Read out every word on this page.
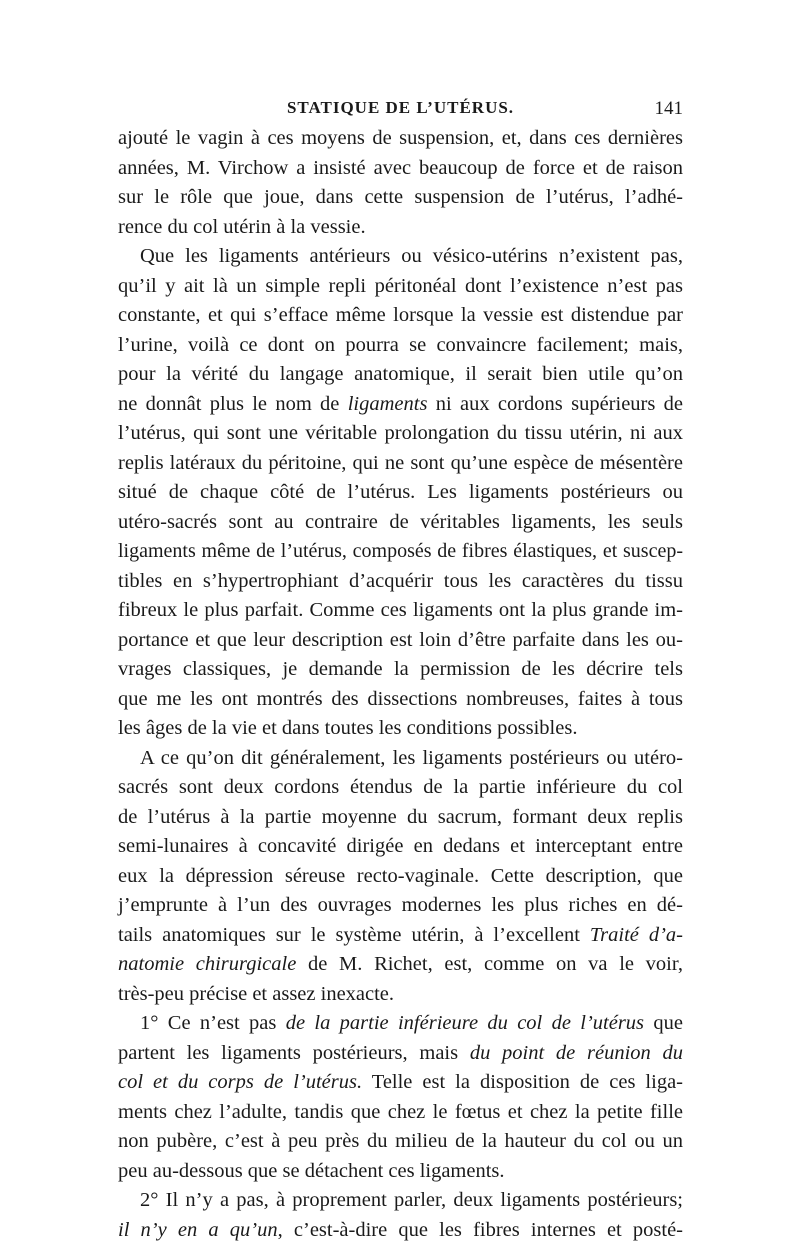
STATIQUE DE L’UTÉRUS.	141
ajouté le vagin à ces moyens de suspension, et, dans ces dernières
années, M. Virchow a insisté avec beaucoup de force et de raison
sur le rôle que joue, dans cette suspension de l’utérus, l’adhé-
rence du col utérin à la vessie.
Que les ligaments antérieurs ou vésico-utérins n’existent pas,
qu’il y ait là un simple repli péritonéal dont l’existence n’est pas
constante, et qui s’efface même lorsque la vessie est distendue par
l’urine, voilà ce dont on pourra se convaincre facilement; mais,
pour la vérité du langage anatomique, il serait bien utile qu’on
ne donnât plus le nom de ligaments ni aux cordons supérieurs de
l’utérus, qui sont une véritable prolongation du tissu utérin, ni aux
replis latéraux du péritoine, qui ne sont qu’une espèce de mésentère
situé de chaque côté de l’utérus. Les ligaments postérieurs ou
utéro-sacrés sont au contraire de véritables ligaments, les seuls
ligaments même de l’utérus, composés de fibres élastiques, et suscep-
tibles en s’hypertrophiant d’acquérir tous les caractères du tissu
fibreux le plus parfait. Comme ces ligaments ont la plus grande im-
portance et que leur description est loin d’être parfaite dans les ou-
vrages classiques, je demande la permission de les décrire tels
que me les ont montrés des dissections nombreuses, faites à tous
les âges de la vie et dans toutes les conditions possibles.
A ce qu’on dit généralement, les ligaments postérieurs ou utéro-
sacrés sont deux cordons étendus de la partie inférieure du col
de l’utérus à la partie moyenne du sacrum, formant deux replis
semi-lunaires à concavité dirigée en dedans et interceptant entre
eux la dépression séreuse recto-vaginale. Cette description, que
j’emprunte à l’un des ouvrages modernes les plus riches en dé-
tails anatomiques sur le système utérin, à l’excellent Traité d’a-
natomie chirurgicale de M. Richet, est, comme on va le voir,
très-peu précise et assez inexacte.
1° Ce n’est pas de la partie inférieure du col de l’utérus que
partent les ligaments postérieurs, mais du point de réunion du
col et du corps de l’utérus. Telle est la disposition de ces liga-
ments chez l’adulte, tandis que chez le fœtus et chez la petite fille
non pubère, c’est à peu près du milieu de la hauteur du col ou un
peu au-dessous que se détachent ces ligaments.
2° Il n’y a pas, à proprement parler, deux ligaments postérieurs;
il n’y en a qu’un, c’est-à-dire que les fibres internes et posté-
